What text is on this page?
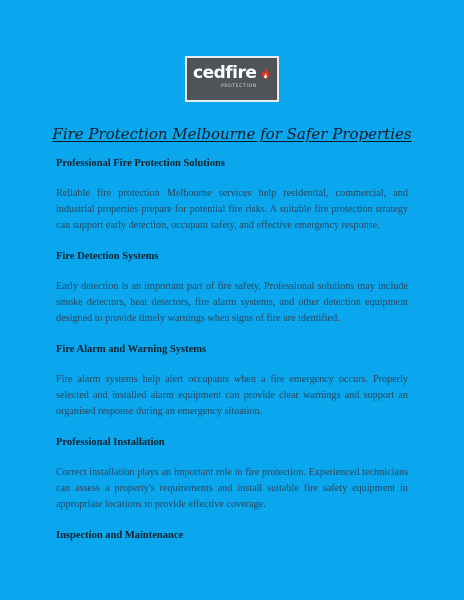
cedfire
PROTECTION
Fire Protection Melbourne for Safer Properties
Professional Fire Protection Solutions

Reliable fire protection Melbourne services help residential, commercial, and industrial properties prepare for potential fire risks. A suitable fire protection strategy can support early detection, occupant safety, and effective emergency response.

Fire Detection Systems

Early detection is an important part of fire safety. Professional solutions may include smoke detectors, heat detectors, fire alarm systems, and other detection equipment designed to provide timely warnings when signs of fire are identified.

Fire Alarm and Warning Systems

Fire alarm systems help alert occupants when a fire emergency occurs. Properly selected and installed alarm equipment can provide clear warnings and support an organised response during an emergency situation.

Professional Installation

Correct installation plays an important role in fire protection. Experienced technicians can assess a property's requirements and install suitable fire safety equipment in appropriate locations to provide effective coverage.

Inspection and Maintenance
